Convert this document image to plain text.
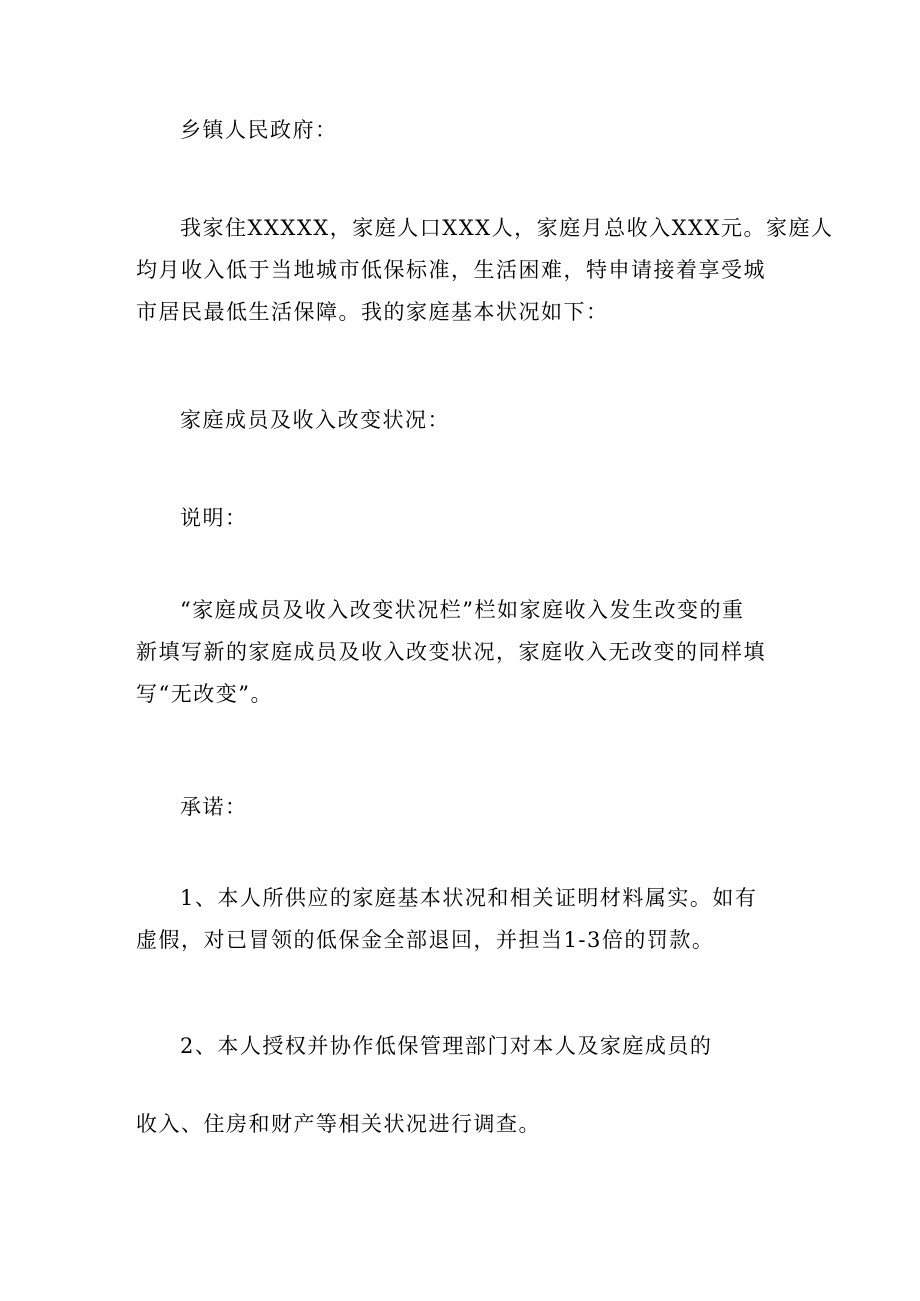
乡镇人民政府：

我家住XXXXX，家庭人口XXX人，家庭月总收入XXX元。家庭人
均月收入低于当地城市低保标准，生活困难，特申请接着享受城
市居民最低生活保障。我的家庭基本状况如下：

家庭成员及收入改变状况：

说明：

“家庭成员及收入改变状况栏”栏如家庭收入发生改变的重
新填写新的家庭成员及收入改变状况，家庭收入无改变的同样填
写“无改变”。

承诺：

1、本人所供应的家庭基本状况和相关证明材料属实。如有
虚假，对已冒领的低保金全部退回，并担当1-3倍的罚款。

2、本人授权并协作低保管理部门对本人及家庭成员的

收入、住房和财产等相关状况进行调查。
